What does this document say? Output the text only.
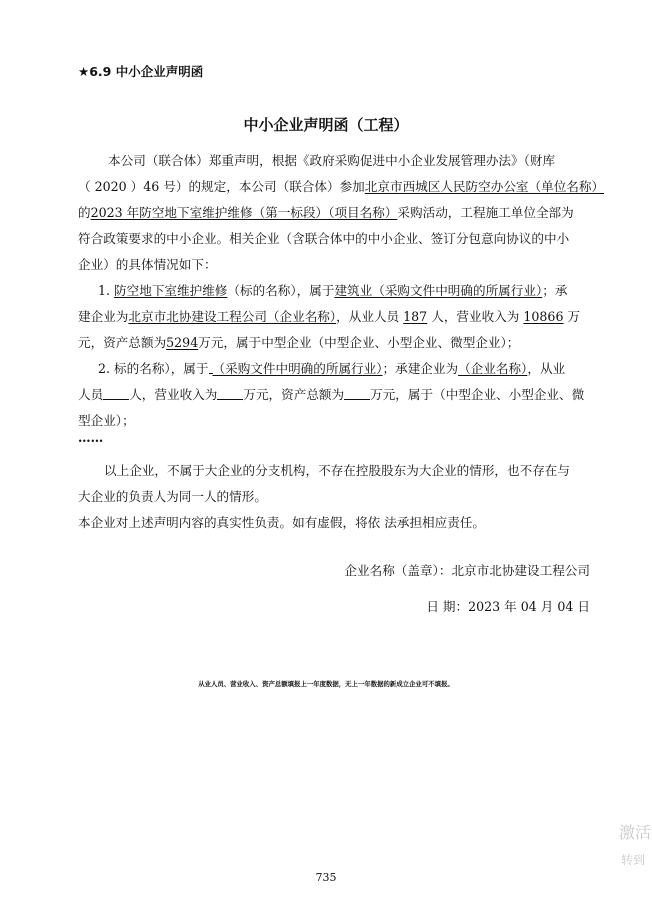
★6.9 中小企业声明函
中小企业声明函（工程）
本公司（联合体）郑重声明，根据《政府采购促进中小企业发展管理办法》（财库
（ 2020 ）46 号）的规定，本公司（联合体）参加北京市西城区人民防空办公室（单位名称）
的2023 年防空地下室维护维修（第一标段）（项目名称）采购活动，工程施工单位全部为
符合政策要求的中小企业。相关企业（含联合体中的中小企业、签订分包意向协议的中小
企业）的具体情况如下：
1. 防空地下室维护维修（标的名称），属于建筑业（采购文件中明确的所属行业）；承
建企业为北京市北协建设工程公司（企业名称），从业人员 187 人，营业收入为 10866 万
元，资产总额为5294万元，属于中型企业（中型企业、小型企业、微型企业）；
2. 标的名称），属于 （采购文件中明确的所属行业）；承建企业为（企业名称），从业
人员 人，营业收入为 万元，资产总额为 万元，属于（中型企业、小型企业、微
型企业）；
……
以上企业，不属于大企业的分支机构，不存在控股股东为大企业的情形，也不存在与
大企业的负责人为同一人的情形。
本企业对上述声明内容的真实性负责。如有虚假，将依 法承担相应责任。
企业名称（盖章）：北京市北协建设工程公司
日 期：2023 年 04 月 04 日
从业人员、营业收入、资产总额填报上一年度数据，无上一年数据的新成立企业可不填报。
激活
转到
735
